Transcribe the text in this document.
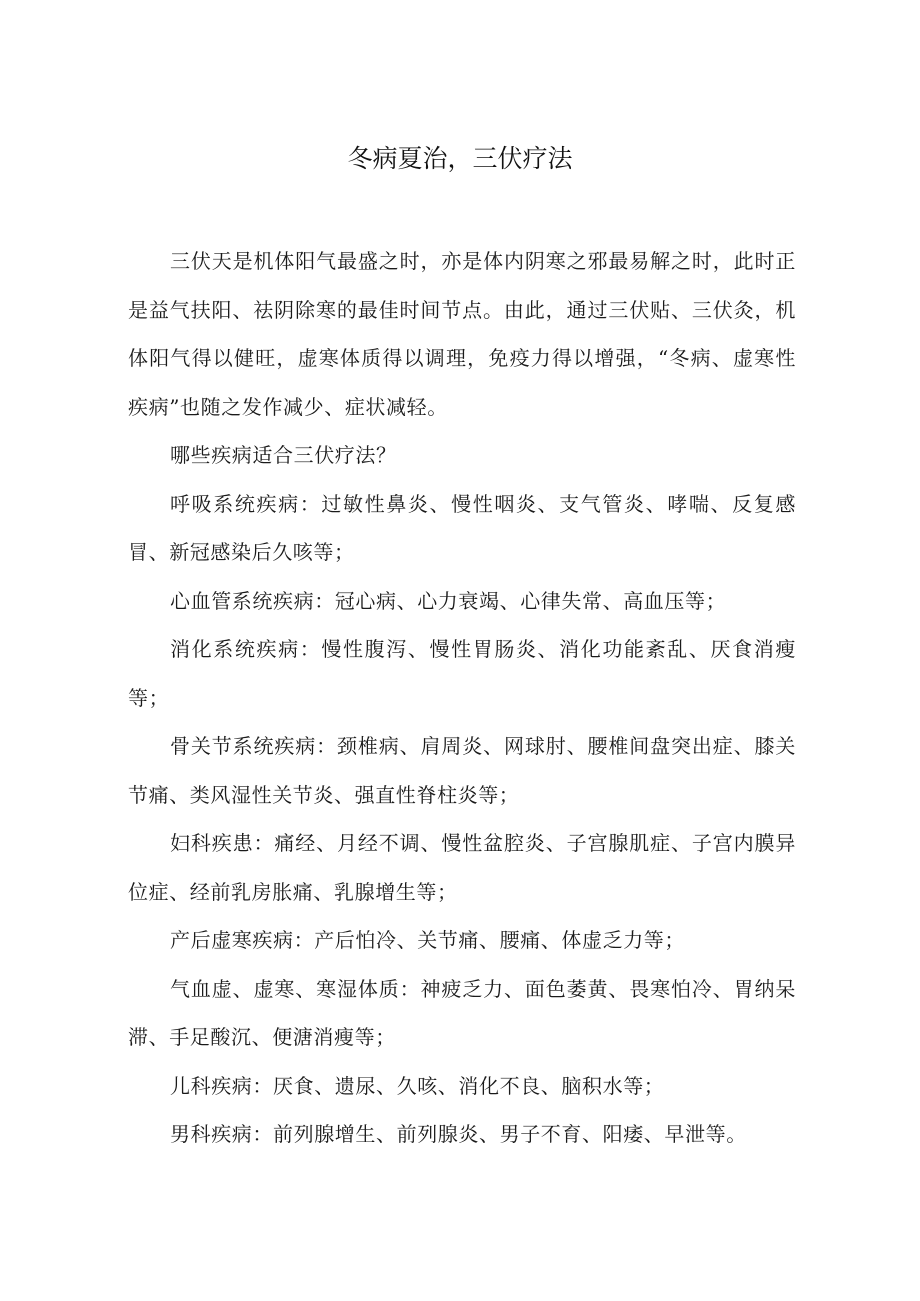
冬病夏治，三伏疗法

三伏天是机体阳气最盛之时，亦是体内阴寒之邪最易解之时，此时正是益气扶阳、祛阴除寒的最佳时间节点。由此，通过三伏贴、三伏灸，机体阳气得以健旺，虚寒体质得以调理，免疫力得以增强，“冬病、虚寒性疾病”也随之发作减少、症状减轻。

哪些疾病适合三伏疗法？

呼吸系统疾病：过敏性鼻炎、慢性咽炎、支气管炎、哮喘、反复感冒、新冠感染后久咳等；

心血管系统疾病：冠心病、心力衰竭、心律失常、高血压等；

消化系统疾病：慢性腹泻、慢性胃肠炎、消化功能紊乱、厌食消瘦等；

骨关节系统疾病：颈椎病、肩周炎、网球肘、腰椎间盘突出症、膝关节痛、类风湿性关节炎、强直性脊柱炎等；

妇科疾患：痛经、月经不调、慢性盆腔炎、子宫腺肌症、子宫内膜异位症、经前乳房胀痛、乳腺增生等；

产后虚寒疾病：产后怕冷、关节痛、腰痛、体虚乏力等；

气血虚、虚寒、寒湿体质：神疲乏力、面色萎黄、畏寒怕冷、胃纳呆滞、手足酸沉、便溏消瘦等；

儿科疾病：厌食、遗尿、久咳、消化不良、脑积水等；

男科疾病：前列腺增生、前列腺炎、男子不育、阳痿、早泄等。
